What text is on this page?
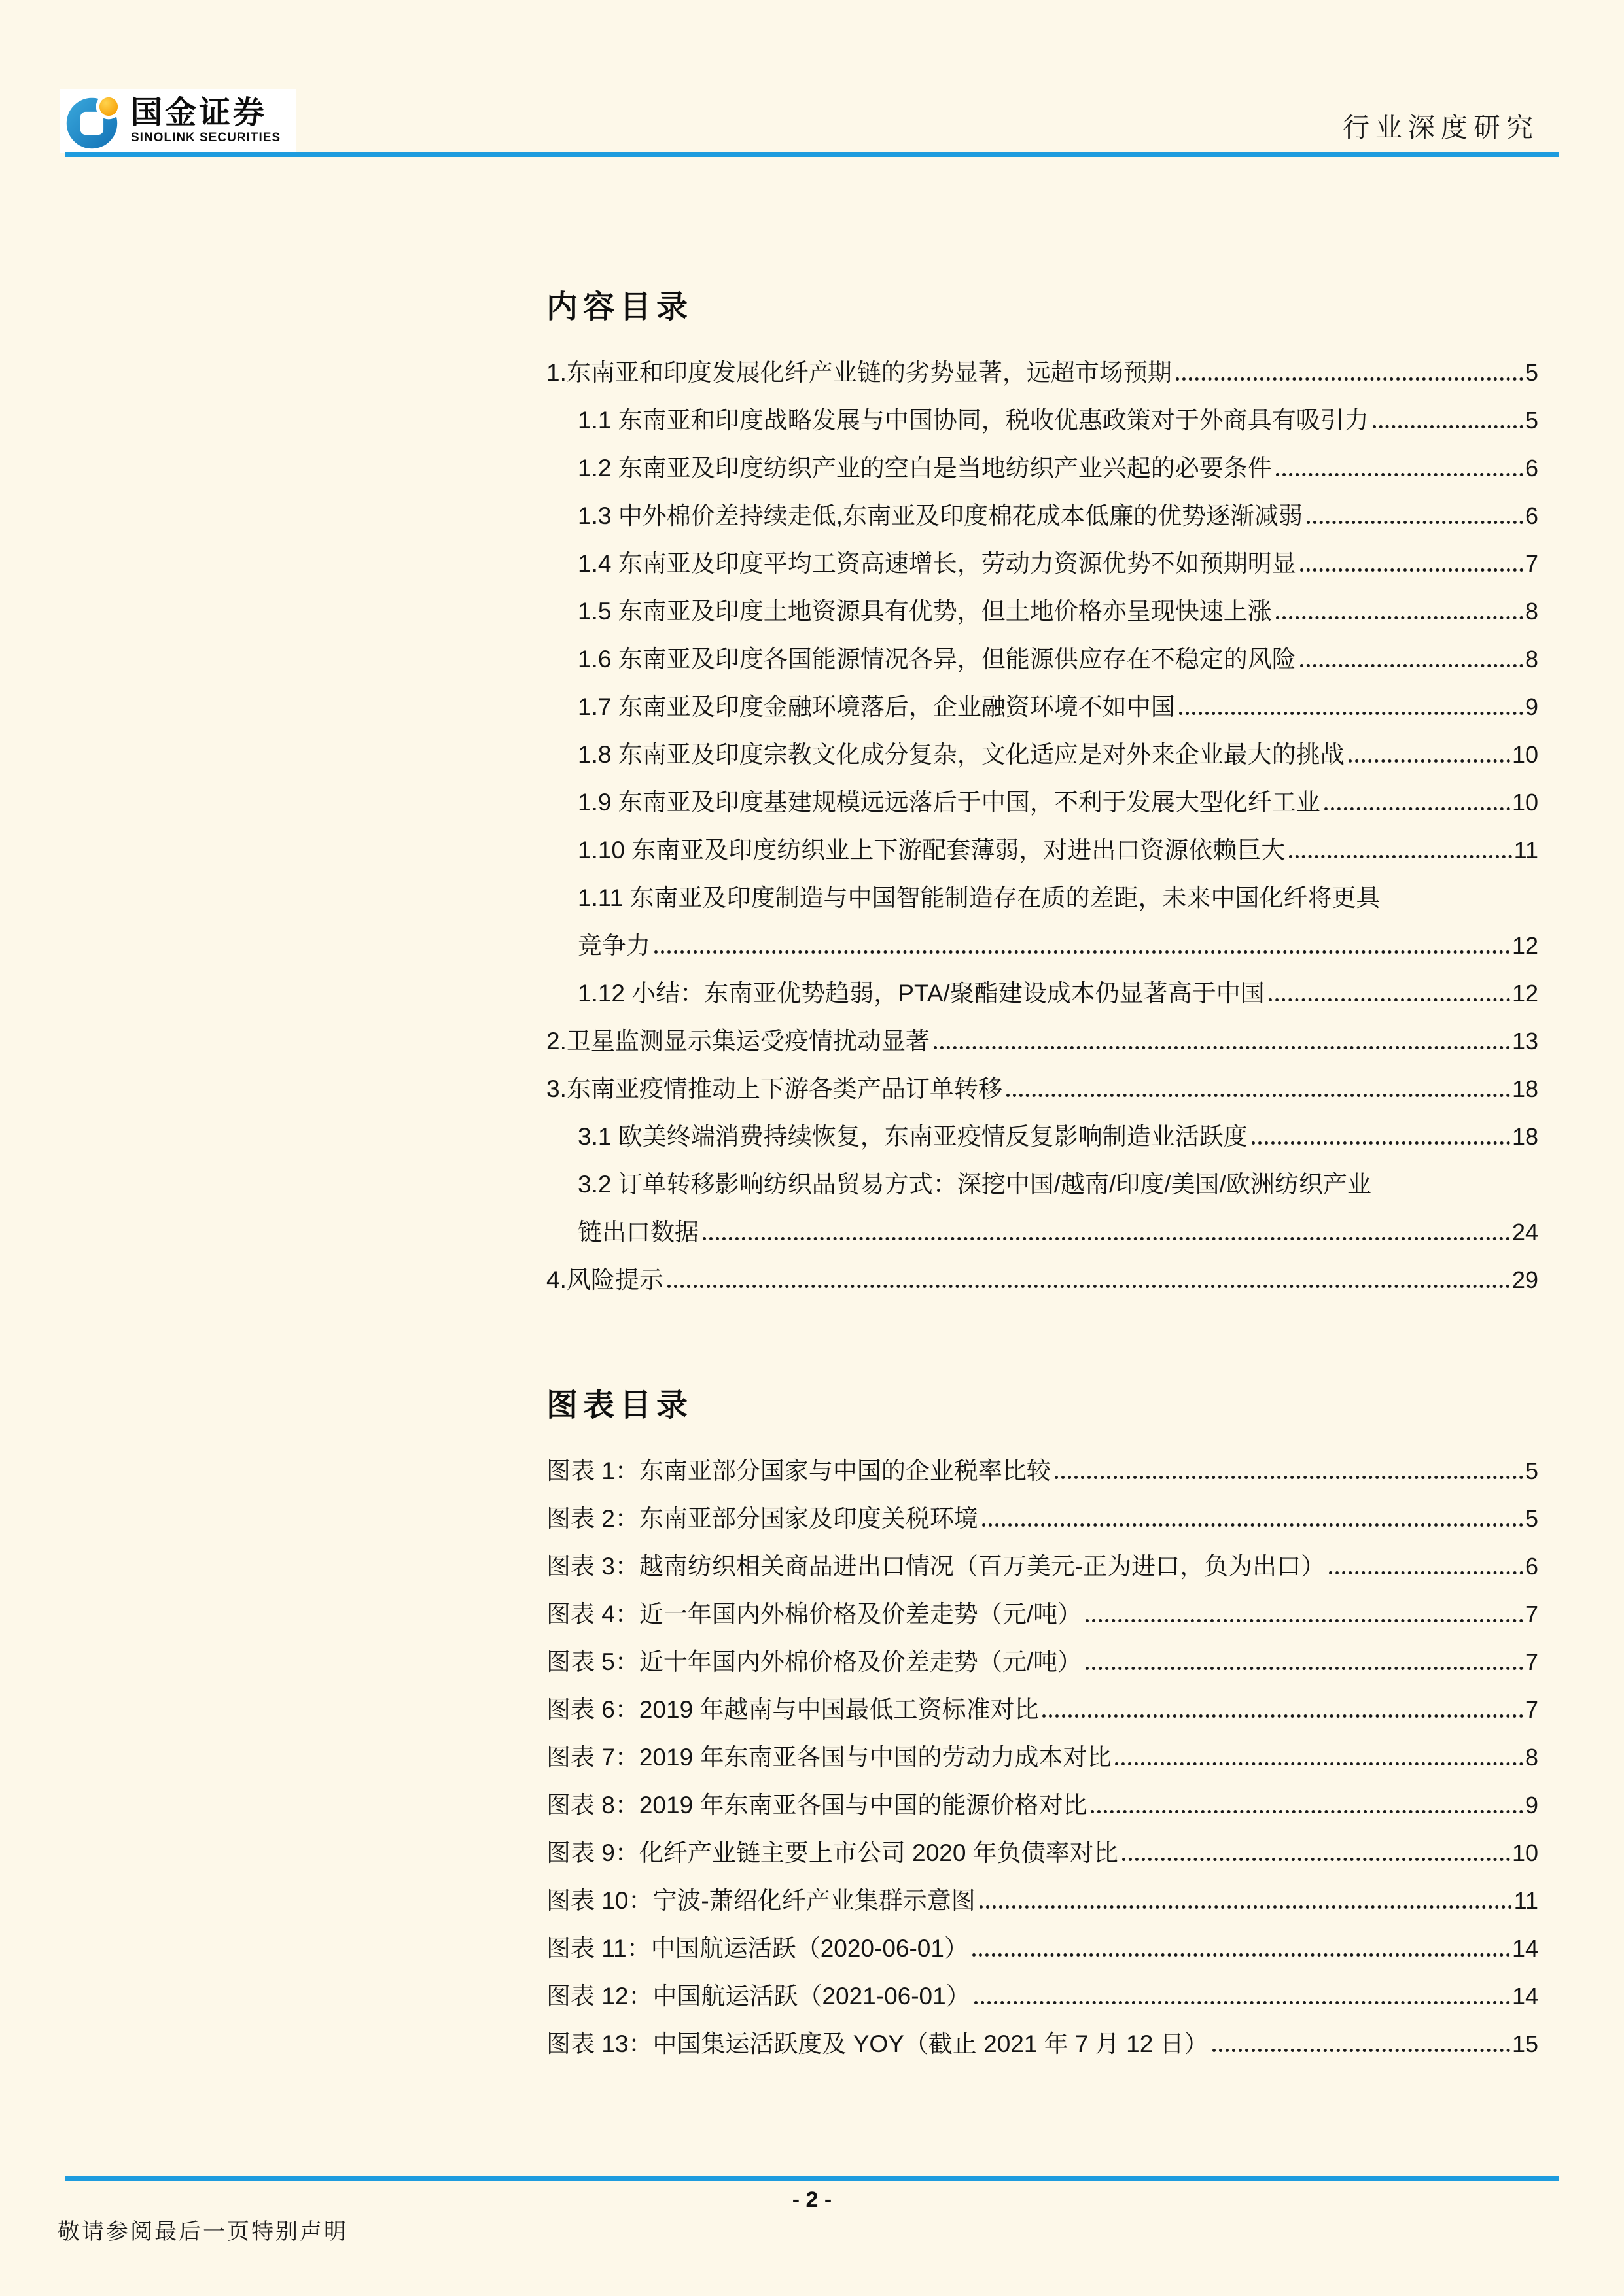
国金证券
SINOLINK SECURITIES	行业深度研究
内容目录
1.东南亚和印度发展化纤产业链的劣势显著，远超市场预期	5
1.1 东南亚和印度战略发展与中国协同，税收优惠政策对于外商具有吸引力	5
1.2 东南亚及印度纺织产业的空白是当地纺织产业兴起的必要条件	6
1.3 中外棉价差持续走低,东南亚及印度棉花成本低廉的优势逐渐减弱	6
1.4 东南亚及印度平均工资高速增长，劳动力资源优势不如预期明显	7
1.5 东南亚及印度土地资源具有优势，但土地价格亦呈现快速上涨	8
1.6 东南亚及印度各国能源情况各异，但能源供应存在不稳定的风险	8
1.7 东南亚及印度金融环境落后，企业融资环境不如中国	9
1.8 东南亚及印度宗教文化成分复杂，文化适应是对外来企业最大的挑战	10
1.9 东南亚及印度基建规模远远落后于中国，不利于发展大型化纤工业	10
1.10 东南亚及印度纺织业上下游配套薄弱，对进出口资源依赖巨大	11
1.11 东南亚及印度制造与中国智能制造存在质的差距，未来中国化纤将更具
竞争力	12
1.12 小结：东南亚优势趋弱，PTA/聚酯建设成本仍显著高于中国	12
2.卫星监测显示集运受疫情扰动显著	13
3.东南亚疫情推动上下游各类产品订单转移	18
3.1 欧美终端消费持续恢复，东南亚疫情反复影响制造业活跃度	18
3.2 订单转移影响纺织品贸易方式：深挖中国/越南/印度/美国/欧洲纺织产业
链出口数据	24
4.风险提示	29
图表目录
图表 1：东南亚部分国家与中国的企业税率比较	5
图表 2：东南亚部分国家及印度关税环境	5
图表 3：越南纺织相关商品进出口情况（百万美元-正为进口，负为出口）	6
图表 4：近一年国内外棉价格及价差走势（元/吨）	7
图表 5：近十年国内外棉价格及价差走势（元/吨）	7
图表 6：2019 年越南与中国最低工资标准对比	7
图表 7：2019 年东南亚各国与中国的劳动力成本对比	8
图表 8：2019 年东南亚各国与中国的能源价格对比	9
图表 9：化纤产业链主要上市公司 2020 年负债率对比	10
图表 10：宁波-萧绍化纤产业集群示意图	11
图表 11：中国航运活跃（2020-06-01）	14
图表 12：中国航运活跃（2021-06-01）	14
图表 13：中国集运活跃度及 YOY（截止 2021 年 7 月 12 日）	15
- 2 -
敬请参阅最后一页特别声明
